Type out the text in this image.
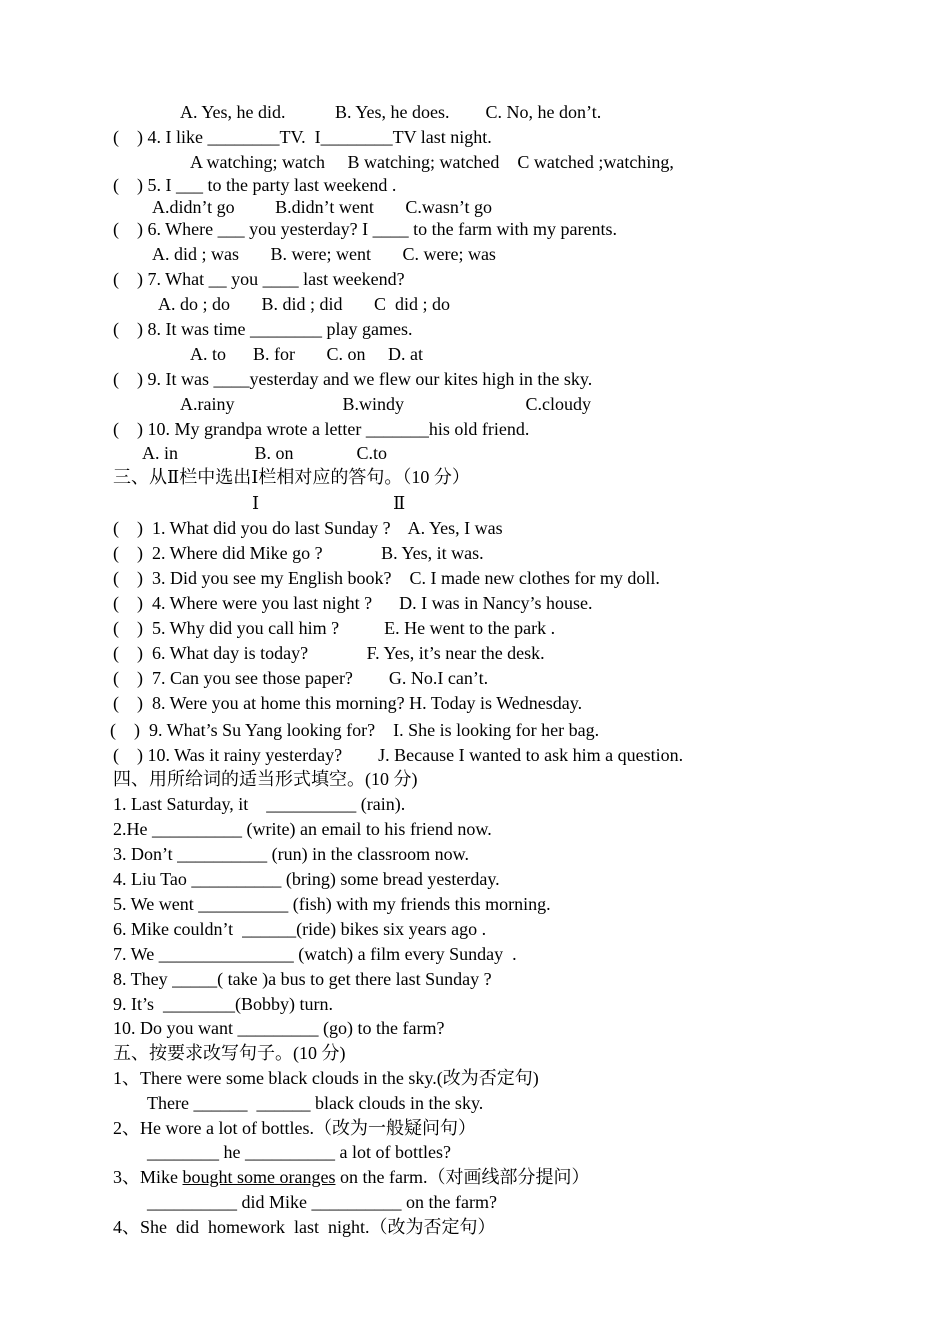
A. Yes, he did.           B. Yes, he does.        C. No, he don’t.
(    ) 4. I like ________TV.  I________TV last night.
A watching; watch     B watching; watched    C watched ;watching,
(    ) 5. I ___ to the party last weekend .
A.didn’t go         B.didn’t went       C.wasn’t go
(    ) 6. Where ___ you yesterday? I ____ to the farm with my parents.
A. did ; was       B. were; went       C. were; was
(    ) 7. What __ you ____ last weekend?
A. do ; do       B. did ; did       C  did ; do
(    ) 8. It was time ________ play games.
A. to      B. for       C. on     D. at
(    ) 9. It was ____yesterday and we flew our kites high in the sky.
A.rainy                        B.windy                           C.cloudy
(    ) 10. My grandpa wrote a letter _______his old friend.
A. in                 B. on              C.to
三、从Ⅱ栏中选出Ⅰ栏相对应的答句。（10 分）
Ⅰ	Ⅱ
(    )  1. What did you do last Sunday ?    A. Yes, I was
(    )  2. Where did Mike go ?             B. Yes, it was.
(    )  3. Did you see my English book?    C. I made new clothes for my doll.
(    )  4. Where were you last night ?      D. I was in Nancy’s house.
(    )  5. Why did you call him ?          E. He went to the park .
(    )  6. What day is today?             F. Yes, it’s near the desk.
(    )  7. Can you see those paper?        G. No.I can’t.
(    )  8. Were you at home this morning? H. Today is Wednesday.
(    )  9. What’s Su Yang looking for?    I. She is looking for her bag.
(    ) 10. Was it rainy yesterday?        J. Because I wanted to ask him a question.
四、用所给词的适当形式填空。(10 分)
1. Last Saturday, it    __________ (rain).
2.He __________ (write) an email to his friend now.
3. Don’t __________ (run) in the classroom now.
4. Liu Tao __________ (bring) some bread yesterday.
5. We went __________ (fish) with my friends this morning.
6. Mike couldn’t  ______(ride) bikes six years ago .
7. We _______________ (watch) a film every Sunday  .
8. They _____( take )a bus to get there last Sunday ?
9. It’s  ________(Bobby) turn.
10. Do you want _________ (go) to the farm?
五、按要求改写句子。(10 分)
1、There were some black clouds in the sky.(改为否定句)
There ______  ______ black clouds in the sky.
2、He wore a lot of bottles.（改为一般疑问句）
________ he __________ a lot of bottles?
3、Mike bought some oranges on the farm.（对画线部分提问）
__________ did Mike __________ on the farm?
4、She  did  homework  last  night.（改为否定句）
